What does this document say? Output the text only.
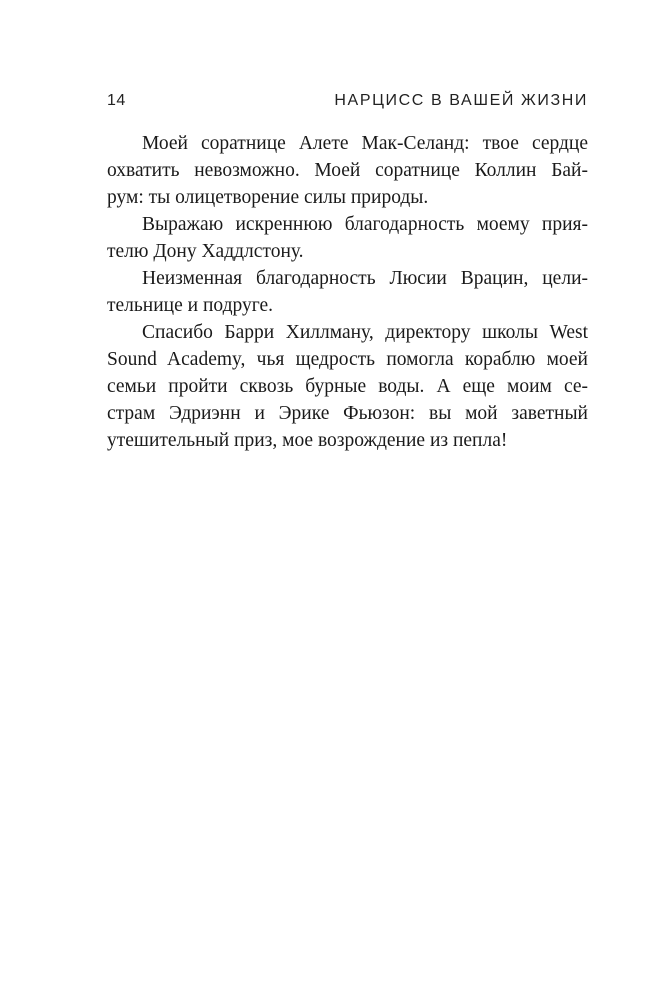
14	НАРЦИСС В ВАШЕЙ ЖИЗНИ

Моей соратнице Алете Мак-Селанд: твое сердце
охватить невозможно. Моей соратнице Коллин Бай-
рум: ты олицетворение силы природы.

Выражаю искреннюю благодарность моему прия-
телю Дону Хаддлстону.

Неизменная благодарность Люсии Врацин, цели-
тельнице и подруге.

Спасибо Барри Хиллману, директору школы West
Sound Academy, чья щедрость помогла кораблю моей
семьи пройти сквозь бурные воды. А еще моим се-
страм Эдриэнн и Эрике Фьюзон: вы мой заветный
утешительный приз, мое возрождение из пепла!
